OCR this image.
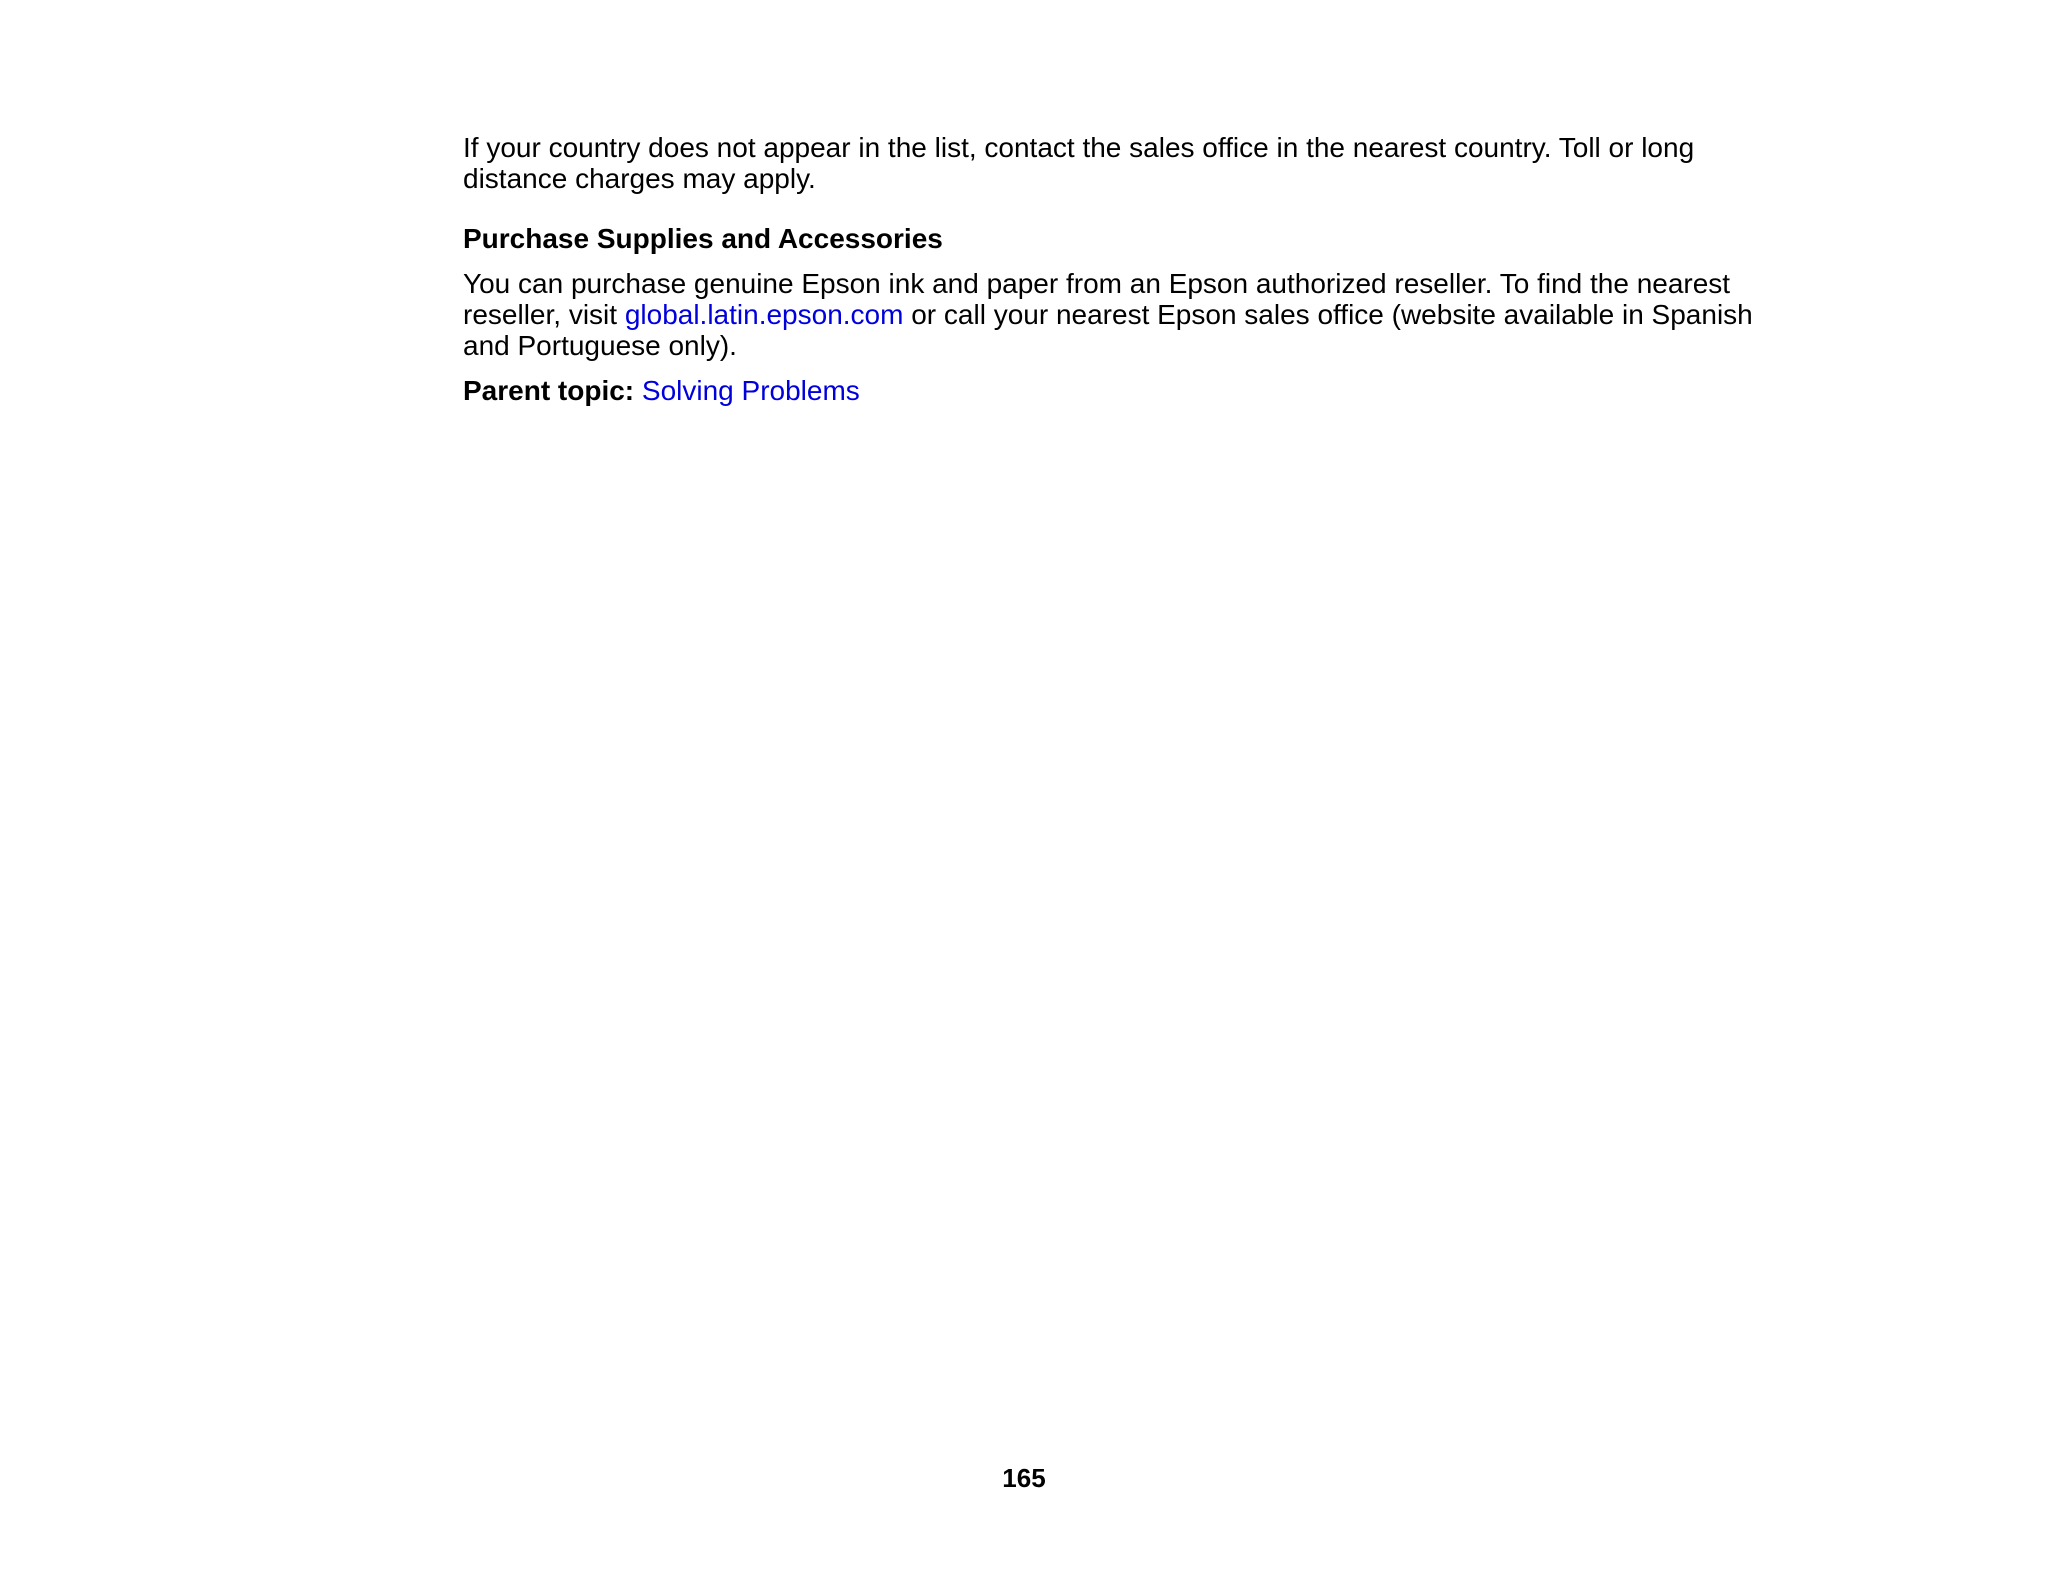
If your country does not appear in the list, contact the sales office in the nearest country. Toll or long distance charges may apply.

Purchase Supplies and Accessories

You can purchase genuine Epson ink and paper from an Epson authorized reseller. To find the nearest reseller, visit global.latin.epson.com or call your nearest Epson sales office (website available in Spanish and Portuguese only).

Parent topic: Solving Problems

165
